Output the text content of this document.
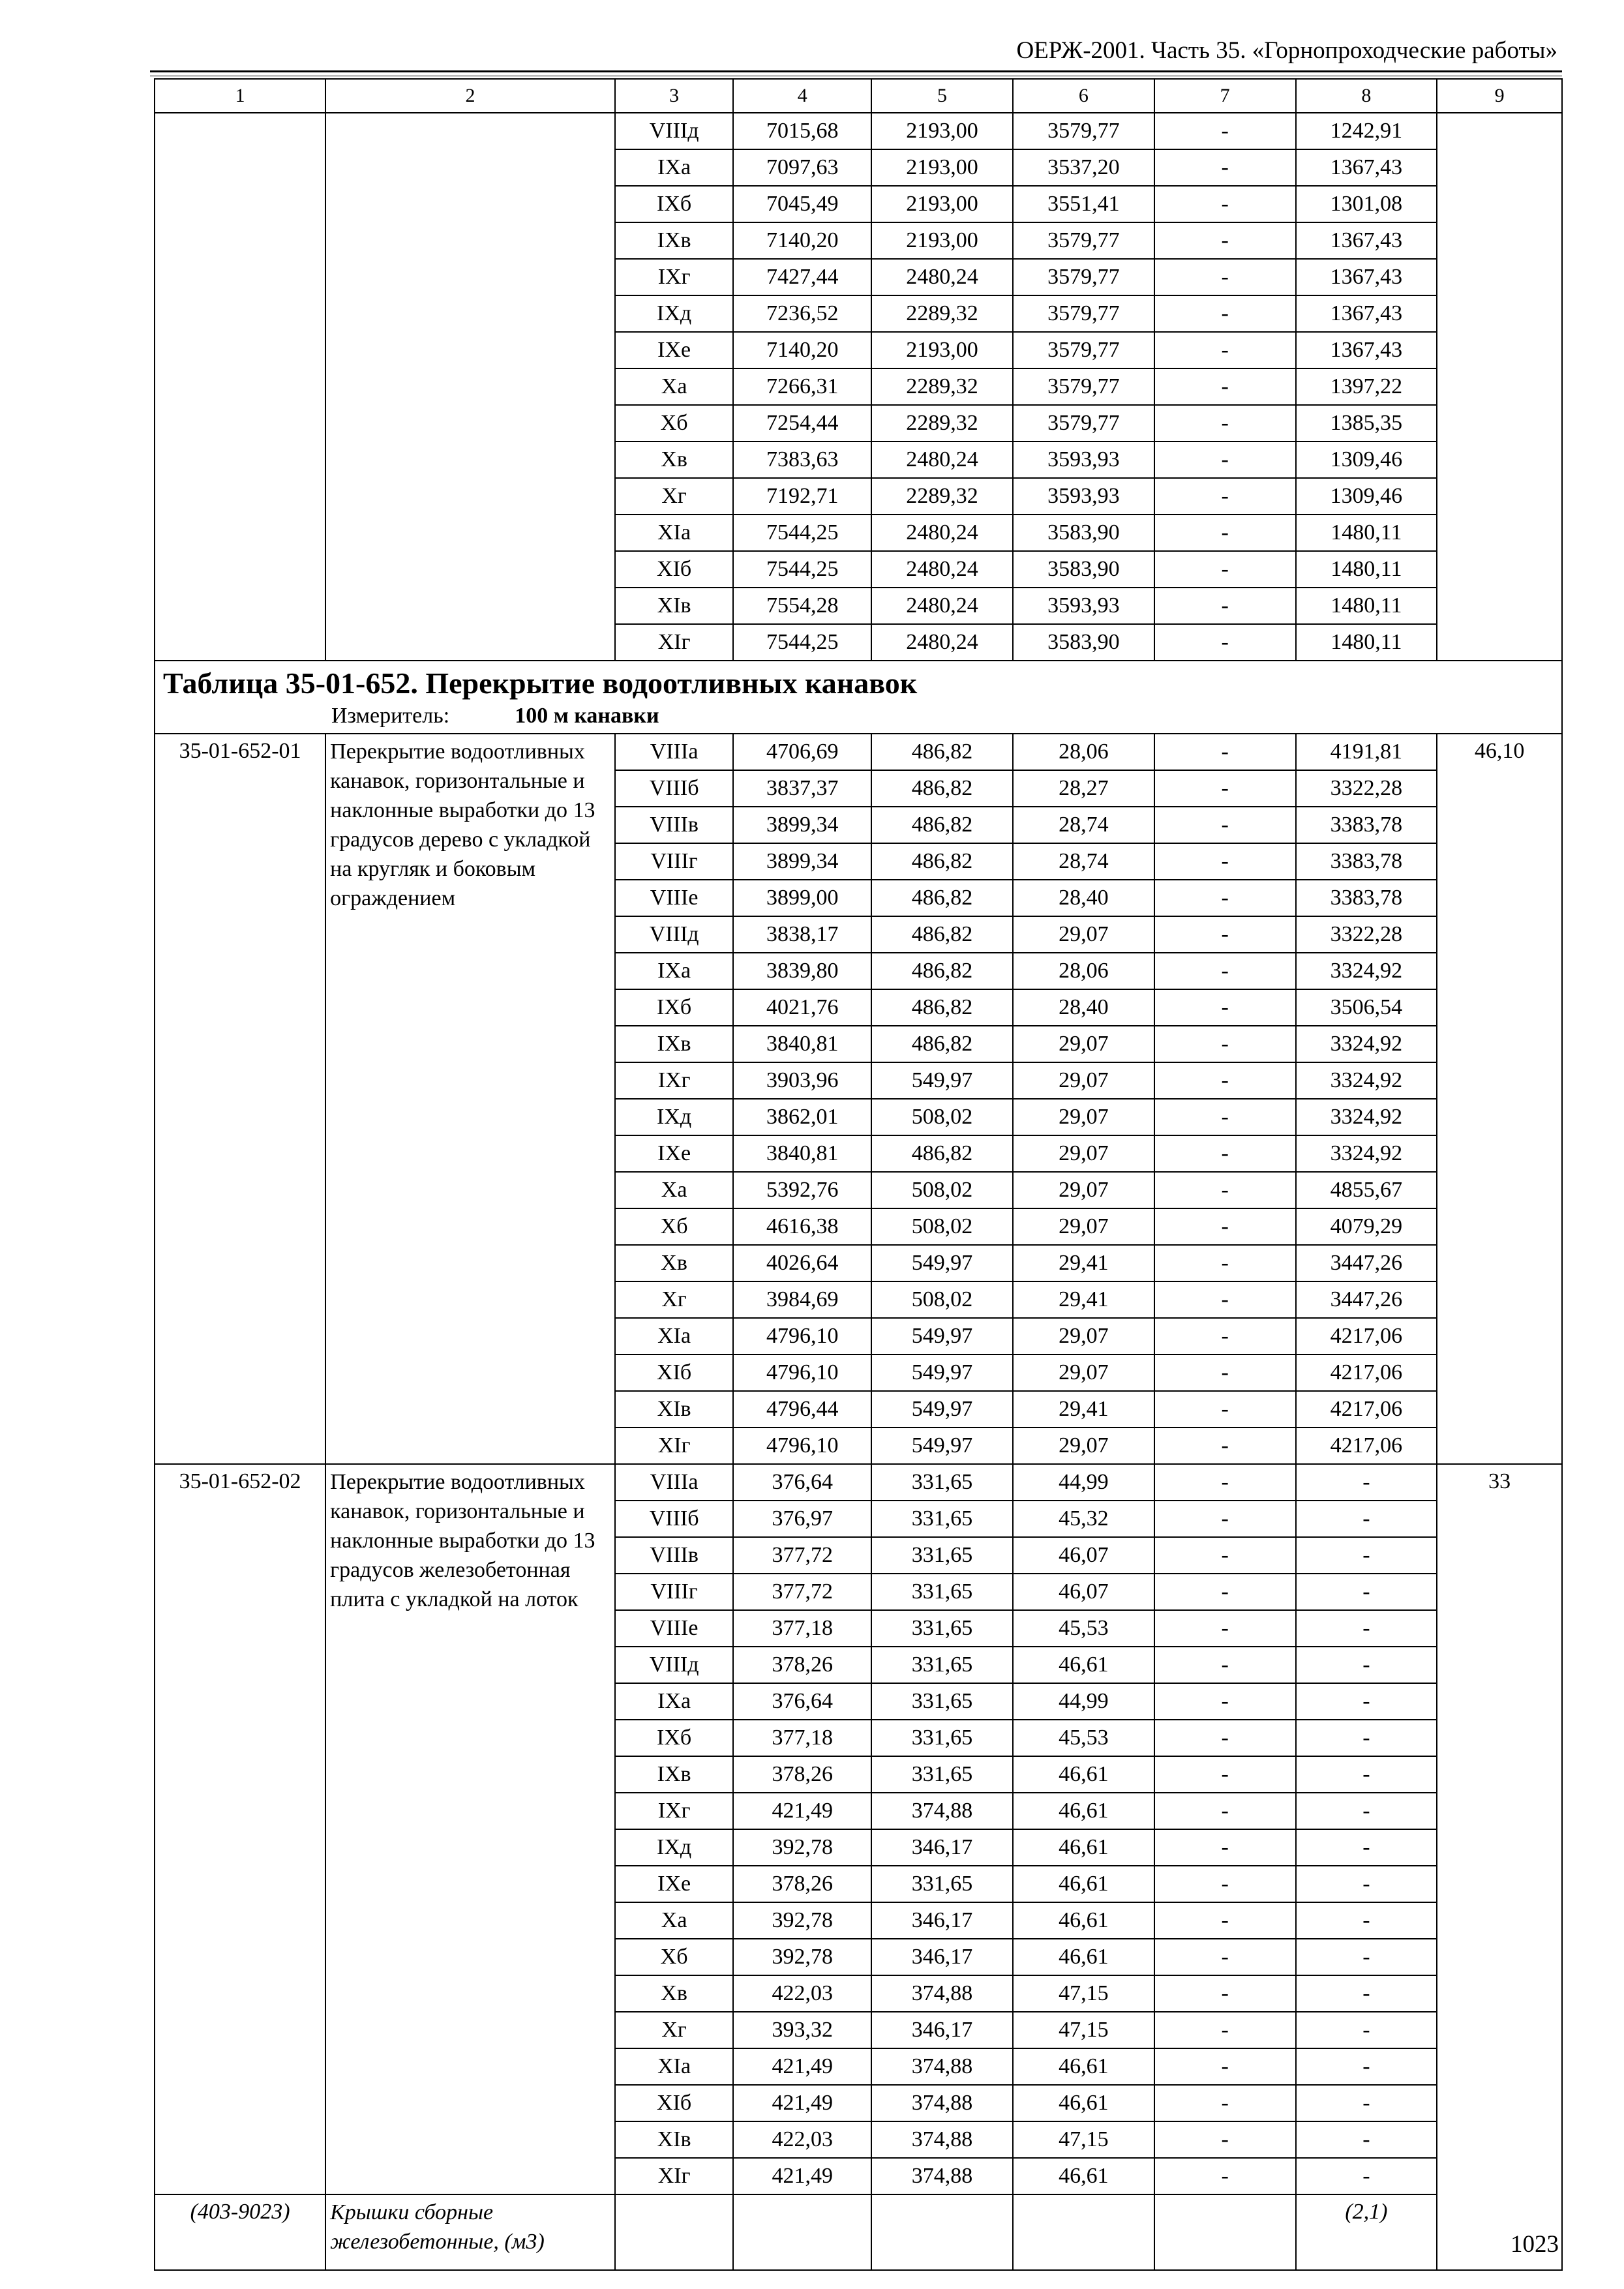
ОЕРЖ-2001. Часть 35. «Горнопроходческие работы»
1	2	3	4	5	6	7	8	9
		VIIIд	7015,68	2193,00	3579,77	-	1242,91	
		IXа	7097,63	2193,00	3537,20	-	1367,43	
		IXб	7045,49	2193,00	3551,41	-	1301,08	
		IXв	7140,20	2193,00	3579,77	-	1367,43	
		IXг	7427,44	2480,24	3579,77	-	1367,43	
		IXд	7236,52	2289,32	3579,77	-	1367,43	
		IXе	7140,20	2193,00	3579,77	-	1367,43	
		Xа	7266,31	2289,32	3579,77	-	1397,22	
		Xб	7254,44	2289,32	3579,77	-	1385,35	
		Xв	7383,63	2480,24	3593,93	-	1309,46	
		Xг	7192,71	2289,32	3593,93	-	1309,46	
		XIа	7544,25	2480,24	3583,90	-	1480,11	
		XIб	7544,25	2480,24	3583,90	-	1480,11	
		XIв	7554,28	2480,24	3593,93	-	1480,11	
		XIг	7544,25	2480,24	3583,90	-	1480,11	

Таблица 35-01-652. Перекрытие водоотливных канавок
Измеритель: 100 м канавки								

35-01-652-01	Перекрытие водоотливных канавок, горизонтальные и наклонные выработки до 13 градусов дерево с укладкой на кругляк и боковым ограждением	VIIIа	4706,69	486,82	28,06	-	4191,81	46,10
		VIIIб	3837,37	486,82	28,27	-	3322,28	
		VIIIв	3899,34	486,82	28,74	-	3383,78	
		VIIIг	3899,34	486,82	28,74	-	3383,78	
		VIIIе	3899,00	486,82	28,40	-	3383,78	
		VIIIд	3838,17	486,82	29,07	-	3322,28	
		IXа	3839,80	486,82	28,06	-	3324,92	
		IXб	4021,76	486,82	28,40	-	3506,54	
		IXв	3840,81	486,82	29,07	-	3324,92	
		IXг	3903,96	549,97	29,07	-	3324,92	
		IXд	3862,01	508,02	29,07	-	3324,92	
		IXе	3840,81	486,82	29,07	-	3324,92	
		Xа	5392,76	508,02	29,07	-	4855,67	
		Xб	4616,38	508,02	29,07	-	4079,29	
		Xв	4026,64	549,97	29,41	-	3447,26	
		Xг	3984,69	508,02	29,41	-	3447,26	
		XIа	4796,10	549,97	29,07	-	4217,06	
		XIб	4796,10	549,97	29,07	-	4217,06	
		XIв	4796,44	549,97	29,41	-	4217,06	
		XIг	4796,10	549,97	29,07	-	4217,06	
35-01-652-02	Перекрытие водоотливных канавок, горизонтальные и наклонные выработки до 13 градусов железобетонная плита с укладкой на лоток	VIIIа	376,64	331,65	44,99	-	-	33
		VIIIб	376,97	331,65	45,32	-	-	
		VIIIв	377,72	331,65	46,07	-	-	
		VIIIг	377,72	331,65	46,07	-	-	
		VIIIе	377,18	331,65	45,53	-	-	
		VIIIд	378,26	331,65	46,61	-	-	
		IXа	376,64	331,65	44,99	-	-	
		IXб	377,18	331,65	45,53	-	-	
		IXв	378,26	331,65	46,61	-	-	
		IXг	421,49	374,88	46,61	-	-	
		IXд	392,78	346,17	46,61	-	-	
		IXе	378,26	331,65	46,61	-	-	
		Xа	392,78	346,17	46,61	-	-	
		Xб	392,78	346,17	46,61	-	-	
		Xв	422,03	374,88	47,15	-	-	
		Xг	393,32	346,17	47,15	-	-	
		XIа	421,49	374,88	46,61	-	-	
		XIб	421,49	374,88	46,61	-	-	
		XIв	422,03	374,88	47,15	-	-	
		XIг	421,49	374,88	46,61	-	-	
(403-9023)	Крышки сборные железобетонные, (м3)						(2,1)	
1023
